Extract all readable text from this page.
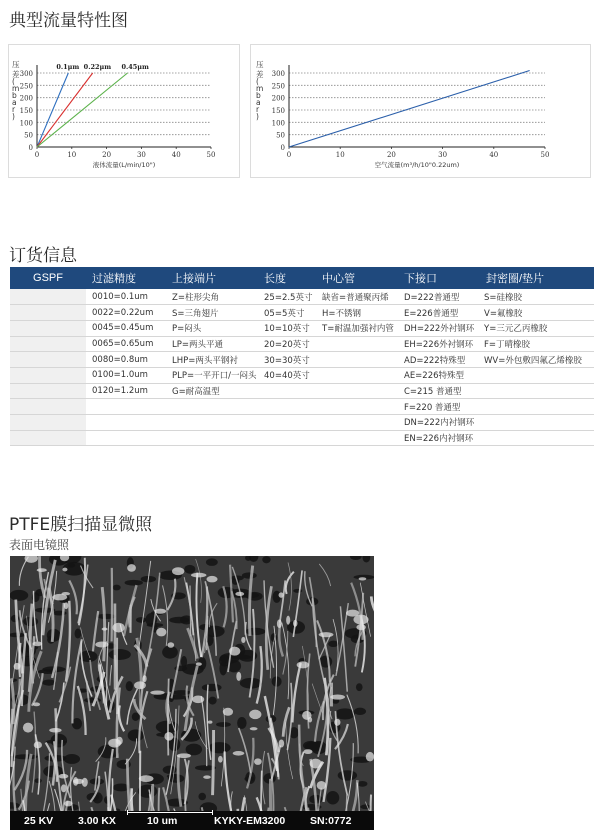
典型流量特性图
0
50
100
150
200
250
300
0	10	20	30	40	50
液体流量(L/min/10")
压差( m b a r )
0.1μm 0.22μm 0.45μm
0
50
100
150
200
250
300
0	10	20	30	40	50
空气流量(m³/h/10"0.22um)
压差( m b a r )
订货信息
GSPF	过滤精度	上接端片	长度	中心管	下接口	封密圈/垫片
	0010=0.1um	Z=柱形尖角	25=2.5英寸	缺省=普通聚丙烯	D=222普通型	S=硅橡胶
	0022=0.22um	S=三角翅片	05=5英寸	H=不锈钢	E=226普通型	V=氟橡胶
	0045=0.45um	P=闷头	10=10英寸	T=耐温加强衬内管	DH=222外衬钢环	Y=三元乙丙橡胶
	0065=0.65um	LP=两头平通	20=20英寸		EH=226外衬钢环	F=丁晴橡胶
	0080=0.8um	LHP=两头平钢衬	30=30英寸		AD=222特殊型	WV=外包敷四氟乙烯橡胶
	0100=1.0um	PLP=一平开口/一闷头	40=40英寸		AE=226特殊型	
	0120=1.2um	G=耐高温型			C=215 普通型	
					F=220 普通型	
					DN=222内衬钢环	
					EN=226内衬钢环	
PTFE膜扫描显微照
表面电镜照
25 KV 3.00 KX	10 um	KYKY-EM3200 SN:0772
